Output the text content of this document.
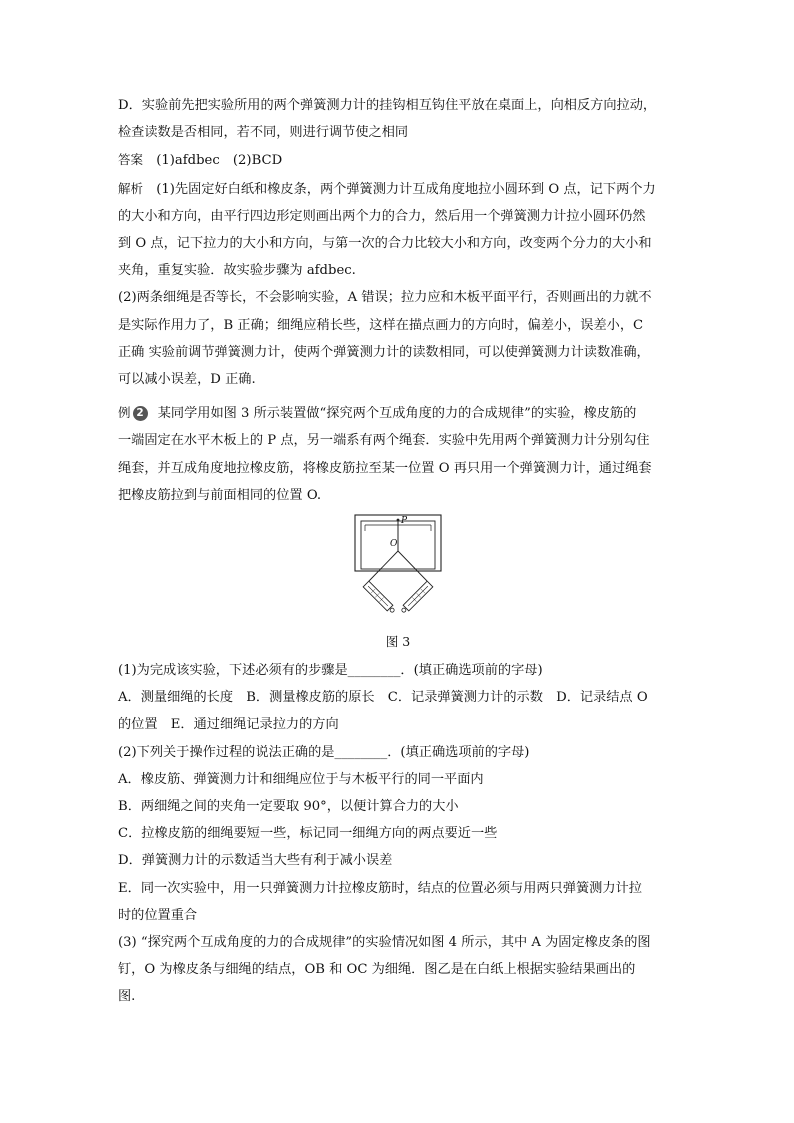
D．实验前先把实验所用的两个弹簧测力计的挂钩相互钩住平放在桌面上，向相反方向拉动，

检查读数是否相同，若不同，则进行调节使之相同

答案　 (1)afdbec　(2)BCD

解析　 (1)先固定好白纸和橡皮条，两个弹簧测力计互成角度地拉小圆环到 O 点，记下两个力

的大小和方向，由平行四边形定则画出两个力的合力，然后用一个弹簧测力计拉小圆环仍然

到 O 点，记下拉力的大小和方向，与第一次的合力比较大小和方向，改变两个分力的大小和

夹角，重复实验．故实验步骤为 afdbec.

(2)两条细绳是否等长，不会影响实验，A 错误；拉力应和木板平面平行，否则画出的力就不

是实际作用力了，B 正确；细绳应稍长些，这样在描点画力的方向时，偏差小，误差小，C

正确 实验前调节弹簧测力计，使两个弹簧测力计的读数相同，可以使弹簧测力计读数准确，

可以减小误差，D 正确.

例 2 某同学用如图 3 所示装置做“探究两个互成角度的力的合成规律”的实验，橡皮筋的

一端固定在水平木板上的 P 点，另一端系有两个绳套．实验中先用两个弹簧测力计分别勾住

绳套，并互成角度地拉橡皮筋，将橡皮筋拉至某一位置 O 再只用一个弹簧测力计，通过绳套

把橡皮筋拉到与前面相同的位置 O.

P
O
图 3

(1)为完成该实验，下述必须有的步骤是________．(填正确选项前的字母)

A．测量细绳的长度　B．测量橡皮筋的原长　C．记录弹簧测力计的示数　D．记录结点 O

的位置　E．通过细绳记录拉力的方向

(2)下列关于操作过程的说法正确的是________．(填正确选项前的字母)

A．橡皮筋、弹簧测力计和细绳应位于与木板平行的同一平面内

B．两细绳之间的夹角一定要取 90°，以便计算合力的大小

C．拉橡皮筋的细绳要短一些，标记同一细绳方向的两点要近一些

D．弹簧测力计的示数适当大些有利于减小误差

E．同一次实验中，用一只弹簧测力计拉橡皮筋时，结点的位置必须与用两只弹簧测力计拉

时的位置重合

(3) “探究两个互成角度的力的合成规律”的实验情况如图 4 所示，其中 A 为固定橡皮条的图

钉，O 为橡皮条与细绳的结点，OB 和 OC 为细绳．图乙是在白纸上根据实验结果画出的

图.
